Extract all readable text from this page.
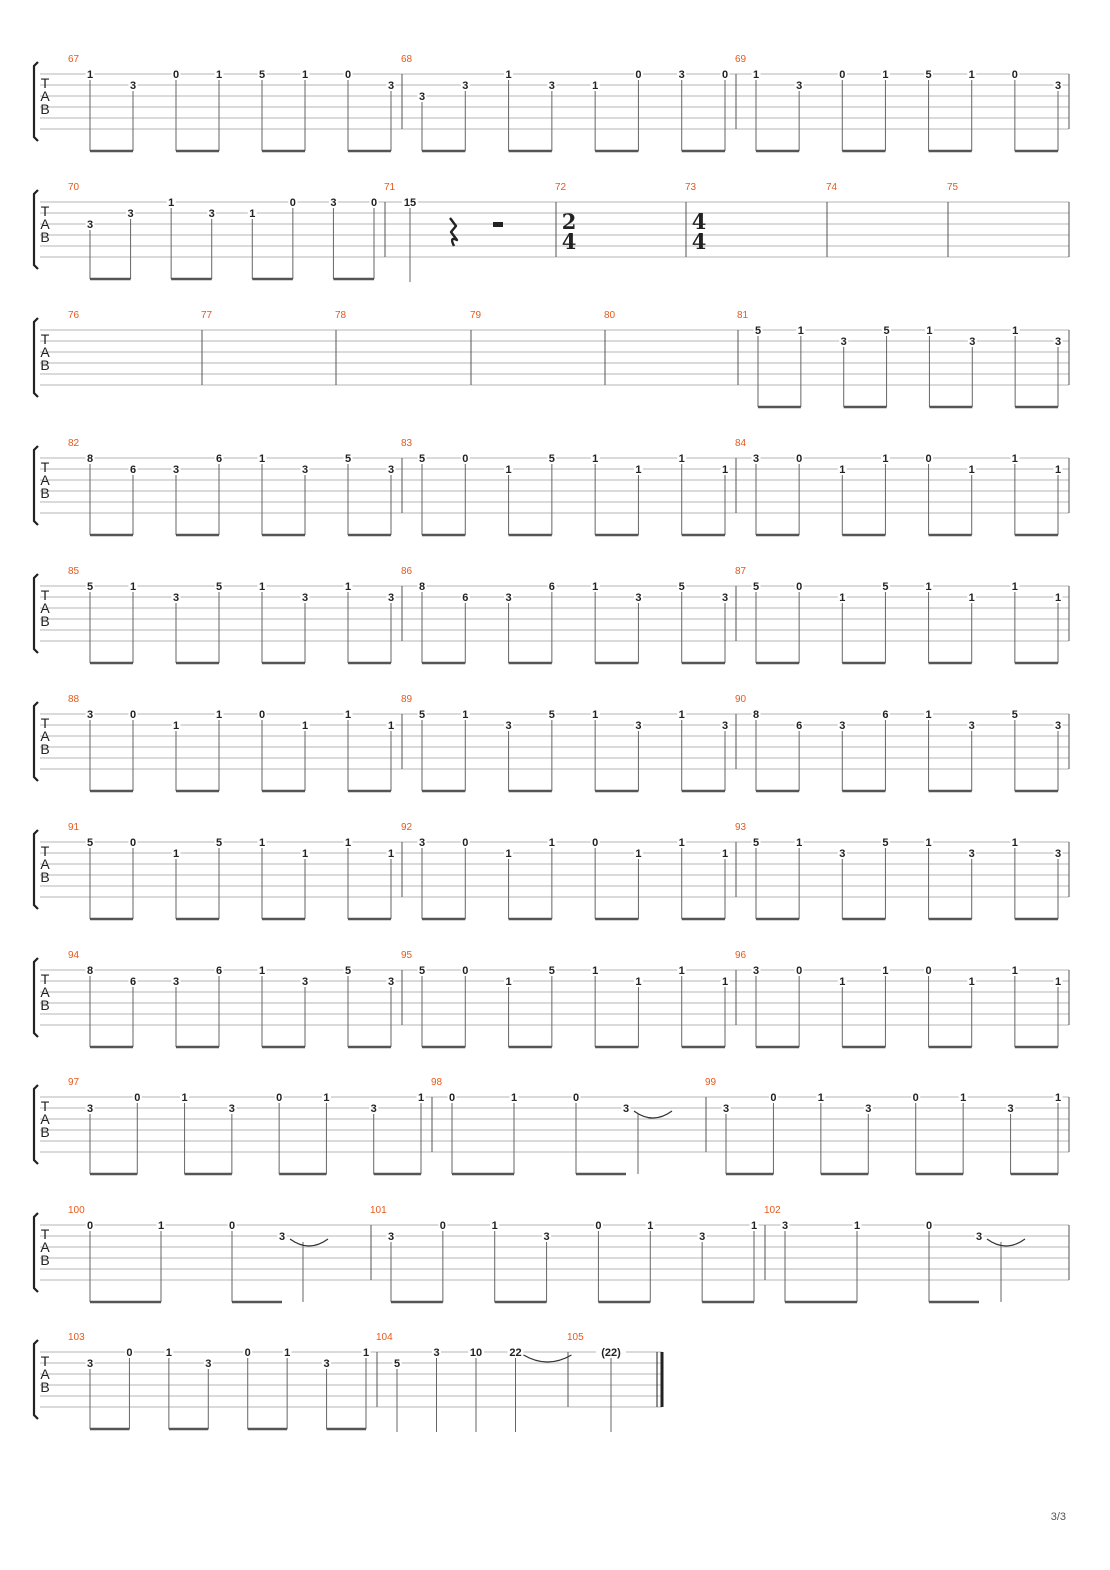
T
A
B
67
1
3
0	1	5	1	0
3
68
3
3
1
3	1
0	3	0
69
1
3
0	1	5	1	0
3
T
A
B
70
3
3
1
3	1
0	3	0
71
15
72
2
4
73
4
4
74	75
T
A
B
76	77	78	79	80	81
5	1
3
5	1
3
1
3
T
A
B
82
8
6	3
6	1
3
5
3
83
5	0
1
5	1
1
1
1
84
3	0
1
1	0
1
1
1
T
A
B
85
5	1
3
5	1
3
1
3
86
8
6	3
6	1
3
5
3
87
5	0
1
5	1
1
1
1
T
A
B
88
3	0
1
1	0
1
1
1
89
5	1
3
5	1
3
1
3
90
8
6	3
6	1
3
5
3
T
A
B
91
5	0
1
5	1
1
1
1
92
3	0
1
1	0
1
1
1
93
5	1
3
5	1
3
1
3
T
A
B
94
8
6	3
6	1
3
5
3
95
5	0
1
5	1
1
1
1
96
3	0
1
1	0
1
1
1
T
A
B
97
3
0	1
3
0	1
3
1
98
0	1	0
3
99
3
0	1
3
0	1
3
1
T
A
B
100
0	1	0
3
101
3
0	1
3
0	1
3
1
102
3	1	0
3
T
A
B
103
3
0	1
3
0	1
3
1
104
5
3	10 22
105
(22)
3/3
